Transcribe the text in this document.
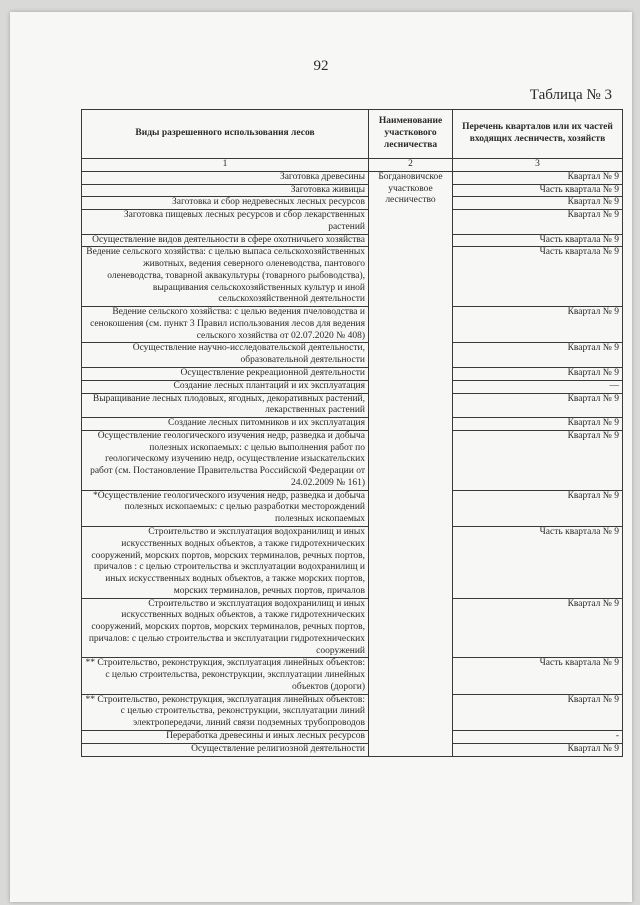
92
Таблица № 3
Виды разрешенного использования лесов	Наименование участкового лесничества	Перечень кварталов или их частей входящих лесничеств, хозяйств
1	2	3
Заготовка древесины	Богдановичское участковое лесничество	Квартал № 9
Заготовка живицы		Часть квартала № 9
Заготовка и сбор недревесных лесных ресурсов		Квартал № 9
Заготовка пищевых лесных ресурсов и сбор лекарственных растений		Квартал № 9
Осуществление видов деятельности в сфере охотничьего хозяйства		Часть квартала № 9
Ведение сельского хозяйства: с целью выпаса сельскохозяйственных животных, ведения северного оленеводства, пантового оленеводства, товарной аквакультуры (товарного рыбоводства), выращивания сельскохозяйственных культур и иной сельскохозяйственной деятельности		Часть квартала № 9
Ведение сельского хозяйства: с целью ведения пчеловодства и сенокошения (см. пункт 3 Правил использования лесов для ведения сельского хозяйства от 02.07.2020 № 408)		Квартал № 9
Осуществление научно-исследовательской деятельности, образовательной деятельности		Квартал № 9
Осуществление рекреационной деятельности		Квартал № 9
Создание лесных плантаций и их эксплуатация		—
Выращивание лесных плодовых, ягодных, декоративных растений, лекарственных растений		Квартал № 9
Создание лесных питомников и их эксплуатация		Квартал № 9
Осуществление геологического изучения недр, разведка и добыча полезных ископаемых: с целью выполнения работ по геологическому изучению недр, осуществление изыскательских работ (см. Постановление Правительства Российской Федерации от 24.02.2009 № 161)		Квартал № 9
*Осуществление геологического изучения недр, разведка и добыча полезных ископаемых: с целью разработки месторождений полезных ископаемых		Квартал № 9
Строительство и эксплуатация водохранилищ и иных искусственных водных объектов, а также гидротехнических сооружений, морских портов, морских терминалов, речных портов, причалов : с целью строительства и эксплуатации водохранилищ и иных искусственных водных объектов, а также морских портов, морских терминалов, речных портов, причалов		Часть квартала № 9
Строительство и эксплуатация водохранилищ и иных искусственных водных объектов, а также гидротехнических сооружений, морских портов, морских терминалов, речных портов, причалов: с целью строительства и эксплуатации гидротехнических сооружений		Квартал № 9
** Строительство, реконструкция, эксплуатация линейных объектов: с целью строительства, реконструкции, эксплуатации линейных объектов (дороги)		Часть квартала № 9
** Строительство, реконструкция, эксплуатация линейных объектов: с целью строительства, реконструкции, эксплуатации линий электропередачи, линий связи подземных трубопроводов		Квартал № 9
Переработка древесины и иных лесных ресурсов		-
Осуществление религиозной деятельности		Квартал № 9
